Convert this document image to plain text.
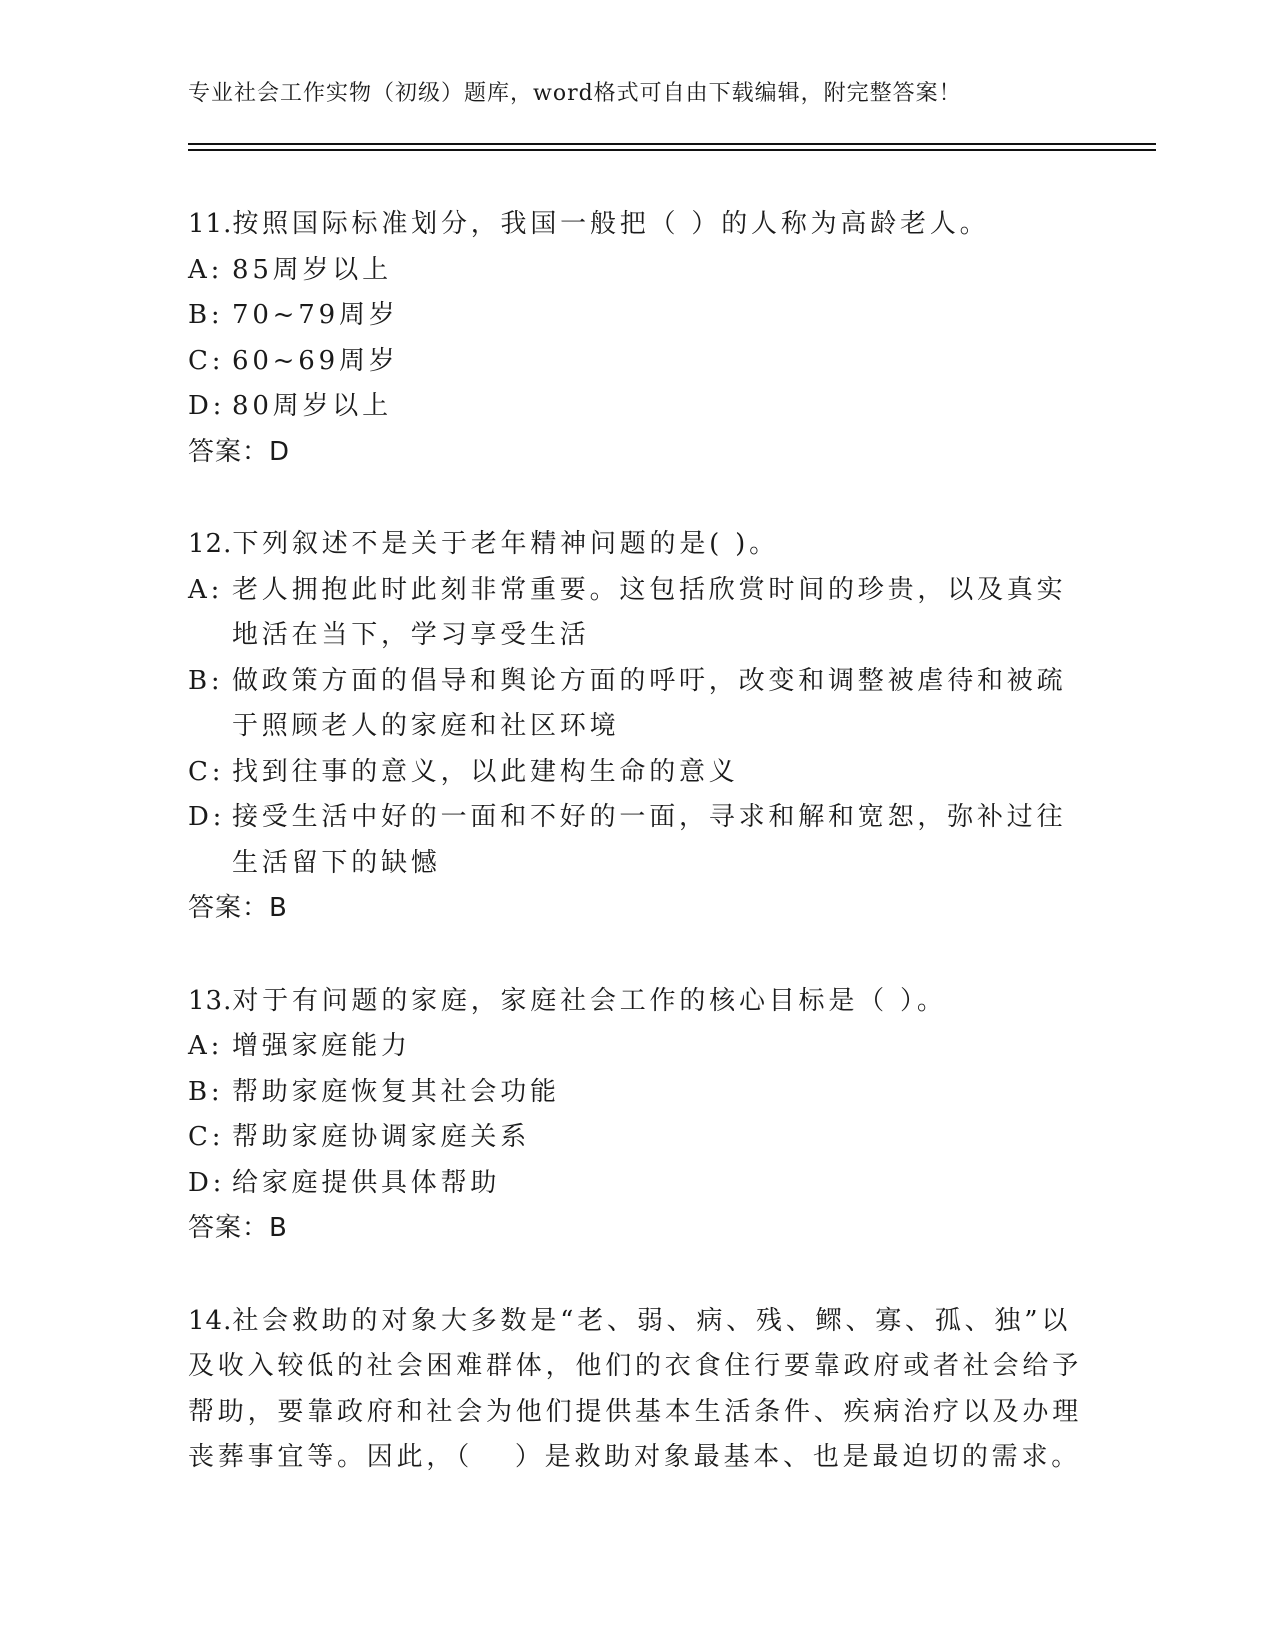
专业社会工作实物（初级）题库，word格式可自由下载编辑，附完整答案！
11.按照国际标准划分，我国一般把（ ）的人称为高龄老人。
A: 85周岁以上
B: 70~79周岁
C: 60~69周岁
D: 80周岁以上
答案：D
12.下列叙述不是关于老年精神问题的是( )。
A: 老人拥抱此时此刻非常重要。这包括欣赏时间的珍贵，以及真实地活在当下，学习享受生活
B: 做政策方面的倡导和舆论方面的呼吁，改变和调整被虐待和被疏于照顾老人的家庭和社区环境
C: 找到往事的意义，以此建构生命的意义
D: 接受生活中好的一面和不好的一面，寻求和解和宽恕，弥补过往生活留下的缺憾
答案：B
13.对于有问题的家庭，家庭社会工作的核心目标是（ ）。
A: 增强家庭能力
B: 帮助家庭恢复其社会功能
C: 帮助家庭协调家庭关系
D: 给家庭提供具体帮助
答案：B
14.社会救助的对象大多数是“老、弱、病、残、鳏、寡、孤、独”以
及收入较低的社会困难群体，他们的衣食住行要靠政府或者社会给予
帮助，要靠政府和社会为他们提供基本生活条件、疾病治疗以及办理
丧葬事宜等。因此，（　 ）是救助对象最基本、也是最迫切的需求。
